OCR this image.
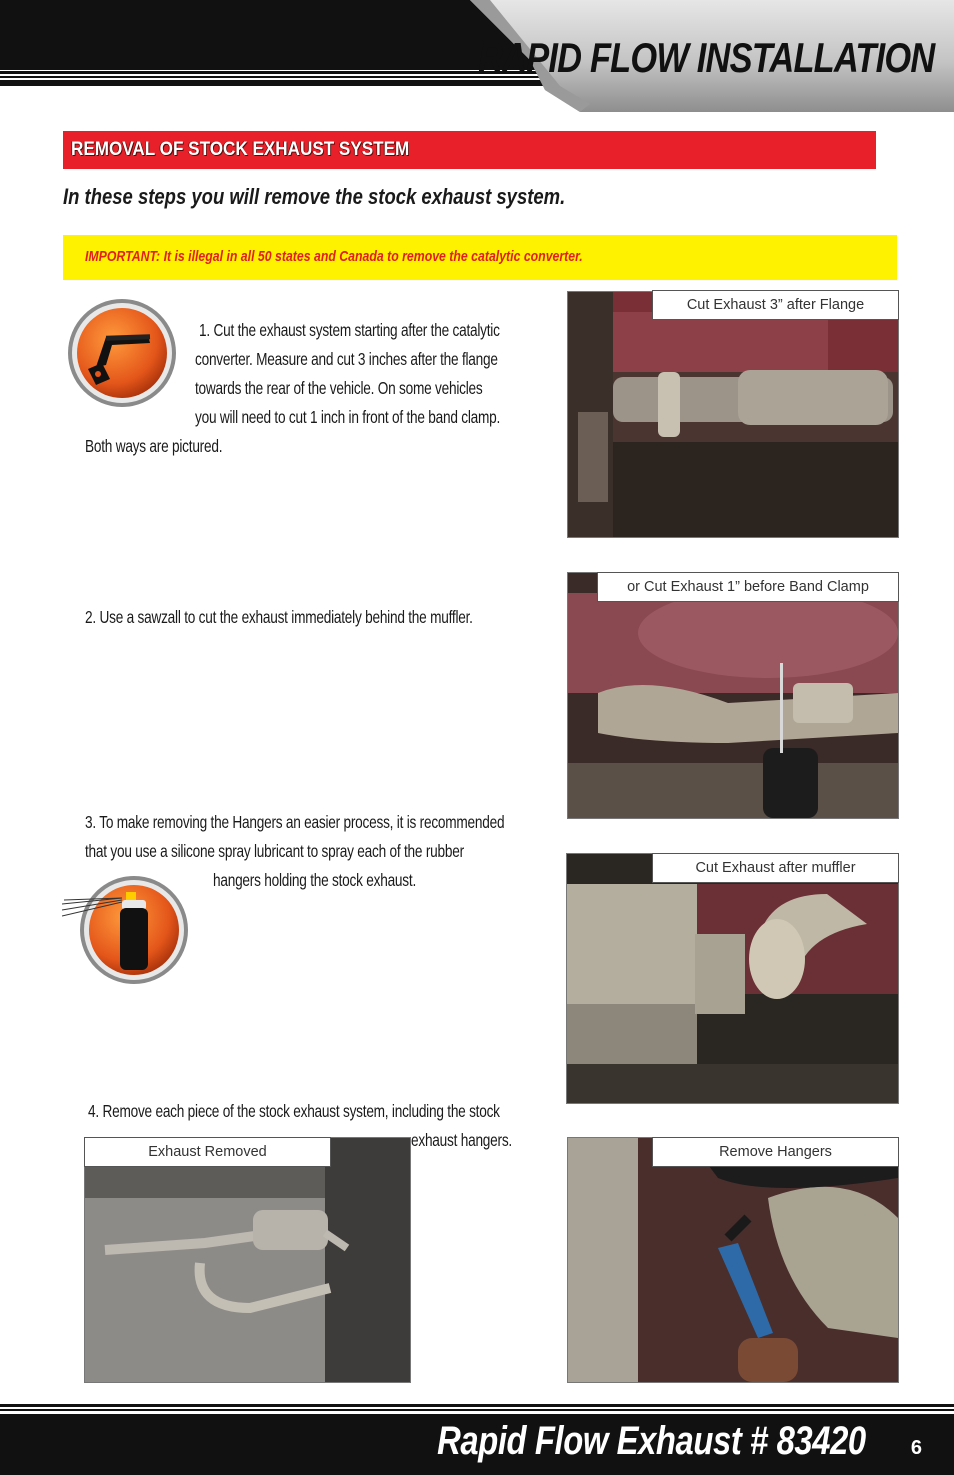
RAPID FLOW INSTALLATION
REMOVAL OF STOCK EXHAUST SYSTEM
In these steps you will remove the stock exhaust system.
IMPORTANT: It is illegal in all 50 states and Canada to remove the catalytic converter.
1. Cut the exhaust system starting after the catalytic
converter. Measure and cut 3 inches after the flange
towards the rear of the vehicle. On some vehicles
you will need to cut 1 inch in front of the band clamp.
Both ways are pictured.
Cut Exhaust 3” after Flange
2. Use a sawzall to cut the exhaust immediately behind the muffler.
or Cut Exhaust 1” before Band Clamp
3. To make removing the Hangers an easier process, it is recommended
that you use a silicone spray lubricant to spray each of the rubber
hangers holding the stock exhaust.
Cut Exhaust after muffler
4. Remove each piece of the stock exhaust system, including the stock
exhaust hangers.
Exhaust Removed	Remove Hangers
Rapid Flow Exhaust # 83420 6
